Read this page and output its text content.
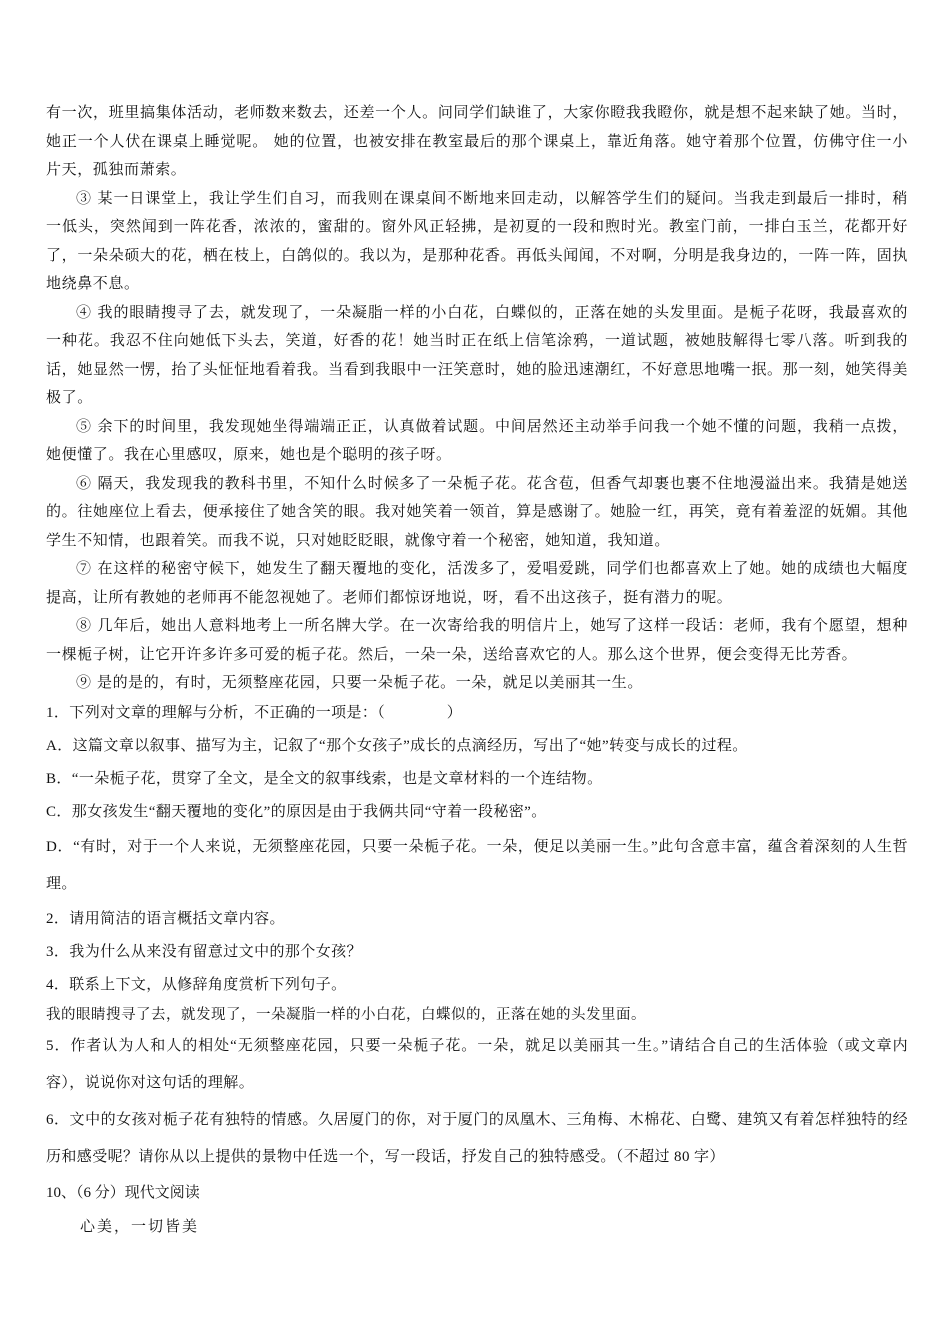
有一次，班里搞集体活动，老师数来数去，还差一个人。问同学们缺谁了，大家你瞪我我瞪你，就是想不起来缺了她。当时，她正一个人伏在课桌上睡觉呢。 她的位置，也被安排在教室最后的那个课桌上，靠近角落。她守着那个位置，仿佛守住一小片天，孤独而萧索。

③ 某一日课堂上，我让学生们自习，而我则在课桌间不断地来回走动，以解答学生们的疑问。当我走到最后一排时，稍一低头，突然闻到一阵花香，浓浓的，蜜甜的。窗外风正轻拂，是初夏的一段和煦时光。教室门前，一排白玉兰，花都开好了，一朵朵硕大的花，栖在枝上，白鸽似的。我以为，是那种花香。再低头闻闻，不对啊，分明是我身边的，一阵一阵，固执地绕鼻不息。

④ 我的眼睛搜寻了去，就发现了，一朵凝脂一样的小白花，白蝶似的，正落在她的头发里面。是栀子花呀，我最喜欢的一种花。我忍不住向她低下头去，笑道，好香的花！她当时正在纸上信笔涂鸦，一道试题，被她肢解得七零八落。听到我的话，她显然一愣，抬了头怔怔地看着我。当看到我眼中一汪笑意时，她的脸迅速潮红，不好意思地嘴一抿。那一刻，她笑得美极了。

⑤ 余下的时间里，我发现她坐得端端正正，认真做着试题。中间居然还主动举手问我一个她不懂的问题，我稍一点拨，她便懂了。我在心里感叹，原来，她也是个聪明的孩子呀。

⑥ 隔天，我发现我的教科书里，不知什么时候多了一朵栀子花。花含苞，但香气却裹也裹不住地漫溢出来。我猜是她送的。往她座位上看去，便承接住了她含笑的眼。我对她笑着一领首，算是感谢了。她脸一红，再笑，竟有着羞涩的妩媚。其他学生不知情，也跟着笑。而我不说，只对她眨眨眼，就像守着一个秘密，她知道，我知道。

⑦ 在这样的秘密守候下，她发生了翻天覆地的变化，活泼多了，爱唱爱跳，同学们也都喜欢上了她。她的成绩也大幅度提高，让所有教她的老师再不能忽视她了。老师们都惊讶地说，呀，看不出这孩子，挺有潜力的呢。

⑧ 几年后，她出人意料地考上一所名牌大学。在一次寄给我的明信片上，她写了这样一段话：老师，我有个愿望，想种一棵栀子树，让它开许多许多可爱的栀子花。然后，一朵一朵，送给喜欢它的人。那么这个世界，便会变得无比芳香。

⑨ 是的是的，有时，无须整座花园，只要一朵栀子花。一朵，就足以美丽其一生。

1．下列对文章的理解与分析，不正确的一项是：（　　　　）

A．这篇文章以叙事、描写为主，记叙了“那个女孩子”成长的点滴经历，写出了“她”转变与成长的过程。

B．“一朵栀子花，贯穿了全文，是全文的叙事线索，也是文章材料的一个连结物。

C．那女孩发生“翻天覆地的变化”的原因是由于我俩共同“守着一段秘密”。

D．“有时，对于一个人来说，无须整座花园，只要一朵栀子花。一朵，便足以美丽一生。”此句含意丰富，蕴含着深刻的人生哲理。

2．请用简洁的语言概括文章内容。

3．我为什么从来没有留意过文中的那个女孩？

4．联系上下文，从修辞角度赏析下列句子。

我的眼睛搜寻了去，就发现了，一朵凝脂一样的小白花，白蝶似的，正落在她的头发里面。

5．作者认为人和人的相处“无须整座花园，只要一朵栀子花。一朵，就足以美丽其一生。”请结合自己的生活体验（或文章内容），说说你对这句话的理解。

6．文中的女孩对栀子花有独特的情感。久居厦门的你，对于厦门的凤凰木、三角梅、木棉花、白鹭、建筑又有着怎样独特的经历和感受呢？请你从以上提供的景物中任选一个，写一段话，抒发自己的独特感受。（不超过 80 字）

10、（6 分）现代文阅读

心美，一切皆美
